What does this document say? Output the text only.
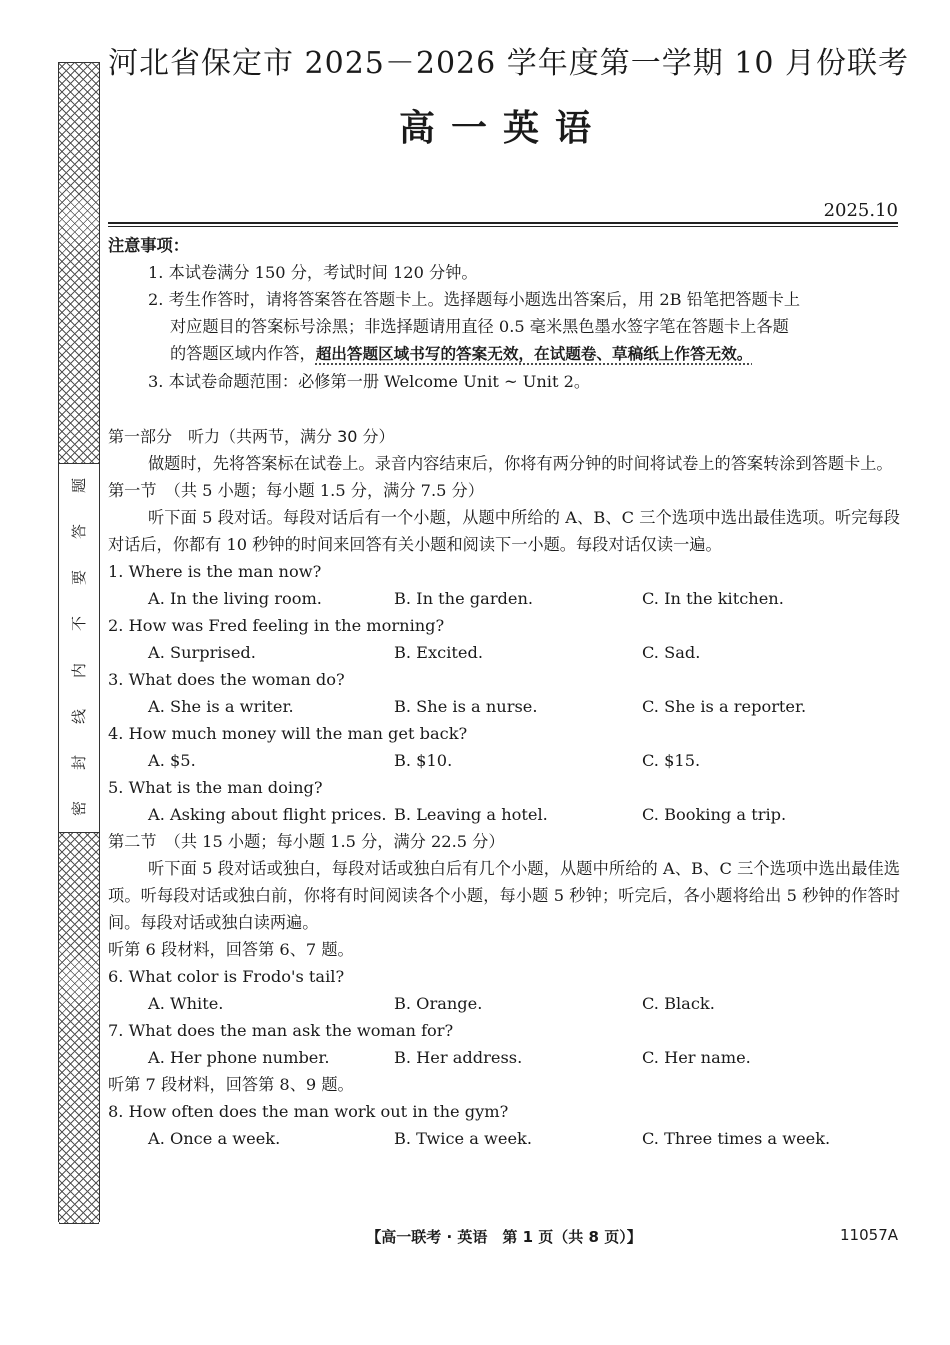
密
封
线
内
不
要
答
题
河北省保定市 2025－2026 学年度第一学期 10 月份联考
高一英语
2025.10
注意事项：
1. 本试卷满分 150 分，考试时间 120 分钟。
2. 考生作答时，请将答案答在答题卡上。选择题每小题选出答案后，用 2B 铅笔把答题卡上
对应题目的答案标号涂黑；非选择题请用直径 0.5 毫米黑色墨水签字笔在答题卡上各题
的答题区域内作答，超出答题区域书写的答案无效，在试题卷、草稿纸上作答无效。
3. 本试卷命题范围：必修第一册 Welcome Unit ~ Unit 2。
第一部分　听力（共两节，满分 30 分）
做题时，先将答案标在试卷上。录音内容结束后，你将有两分钟的时间将试卷上的答案转涂到答题卡上。
第一节　（共 5 小题；每小题 1.5 分，满分 7.5 分）
听下面 5 段对话。每段对话后有一个小题，从题中所给的 A、B、C 三个选项中选出最佳选项。听完每段对话后，你都有 10 秒钟的时间来回答有关小题和阅读下一小题。每段对话仅读一遍。
1. Where is the man now?
A. In the living room.	B. In the garden.	C. In the kitchen.
2. How was Fred feeling in the morning?
A. Surprised.	B. Excited.	C. Sad.
3. What does the woman do?
A. She is a writer.	B. She is a nurse.	C. She is a reporter.
4. How much money will the man get back?
A. $5.	B. $10.	C. $15.
5. What is the man doing?
A. Asking about flight prices. B. Leaving a hotel.	C. Booking a trip.
第二节　（共 15 小题；每小题 1.5 分，满分 22.5 分）
听下面 5 段对话或独白，每段对话或独白后有几个小题，从题中所给的 A、B、C 三个选项中选出最佳选项。听每段对话或独白前，你将有时间阅读各个小题，每小题 5 秒钟；听完后，各小题将给出 5 秒钟的作答时间。每段对话或独白读两遍。
听第 6 段材料，回答第 6、7 题。
6. What color is Frodo's tail?
A. White.	B. Orange.	C. Black.
7. What does the man ask the woman for?
A. Her phone number.	B. Her address.	C. Her name.
听第 7 段材料，回答第 8、9 题。
8. How often does the man work out in the gym?
A. Once a week.	B. Twice a week.	C. Three times a week.
【高一联考 · 英语　第 1 页（共 8 页）】	11057A
